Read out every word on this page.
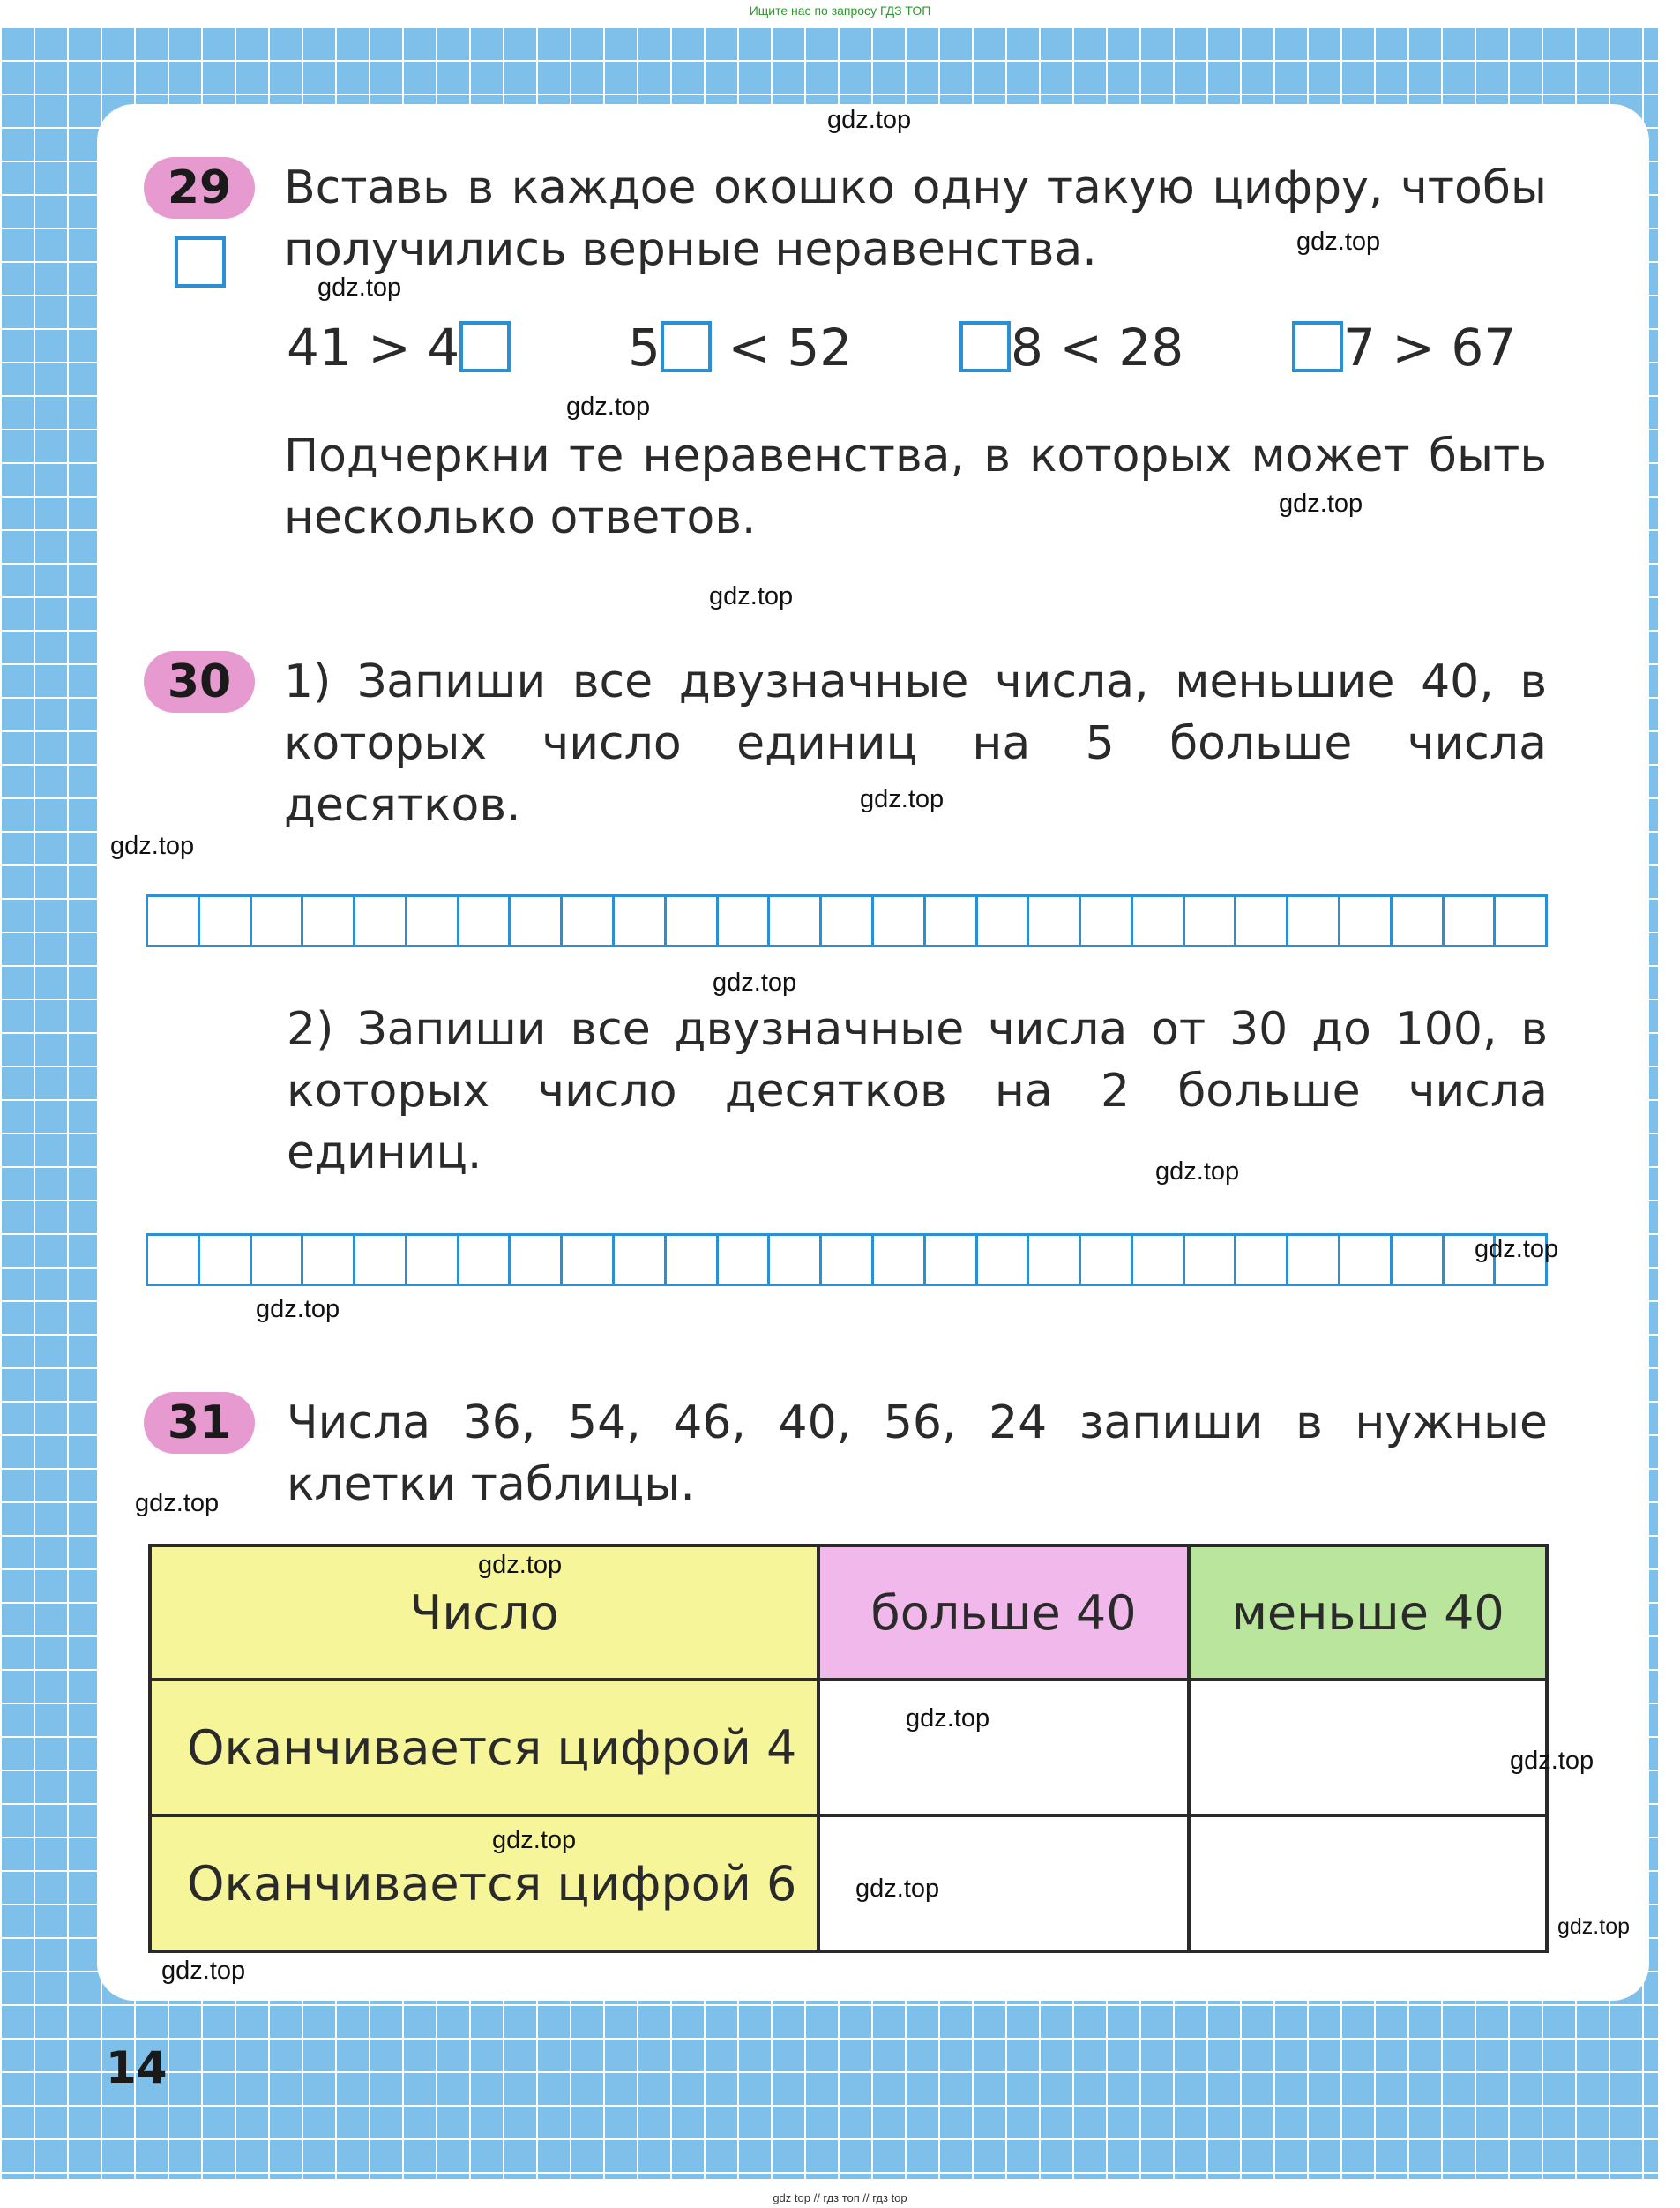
Ищите нас по запросу ГДЗ ТОП
29	Вставь в каждое окошко одну такую цифру, чтобы получились верные неравенства.
41 > 4	5 < 52	8 < 28	7 > 67
Подчеркни те неравенства, в которых может быть несколько ответов.
30	1) Запиши все двузначные числа, меньшие 40, в которых число единиц на 5 больше числа десятков.
2) Запиши все двузначные числа от 30 до 100, в которых число десятков на 2 больше числа единиц.
31	Числа 36, 54, 46, 40, 56, 24 запиши в нужные клетки таблицы.
Число	больше 40	меньше 40
Оканчивается цифрой 4		
Оканчивается цифрой 6		
14
gdz.top
gdz.top
gdz.top
gdz.top
gdz.top
gdz.top
gdz.top
gdz.top
gdz.top
gdz.top
gdz.top
gdz.top
gdz.top
gdz.top
gdz.top
gdz.top
gdz.top
gdz.top
gdz.top
gdz.top
gdz top // гдз топ // гдз top
